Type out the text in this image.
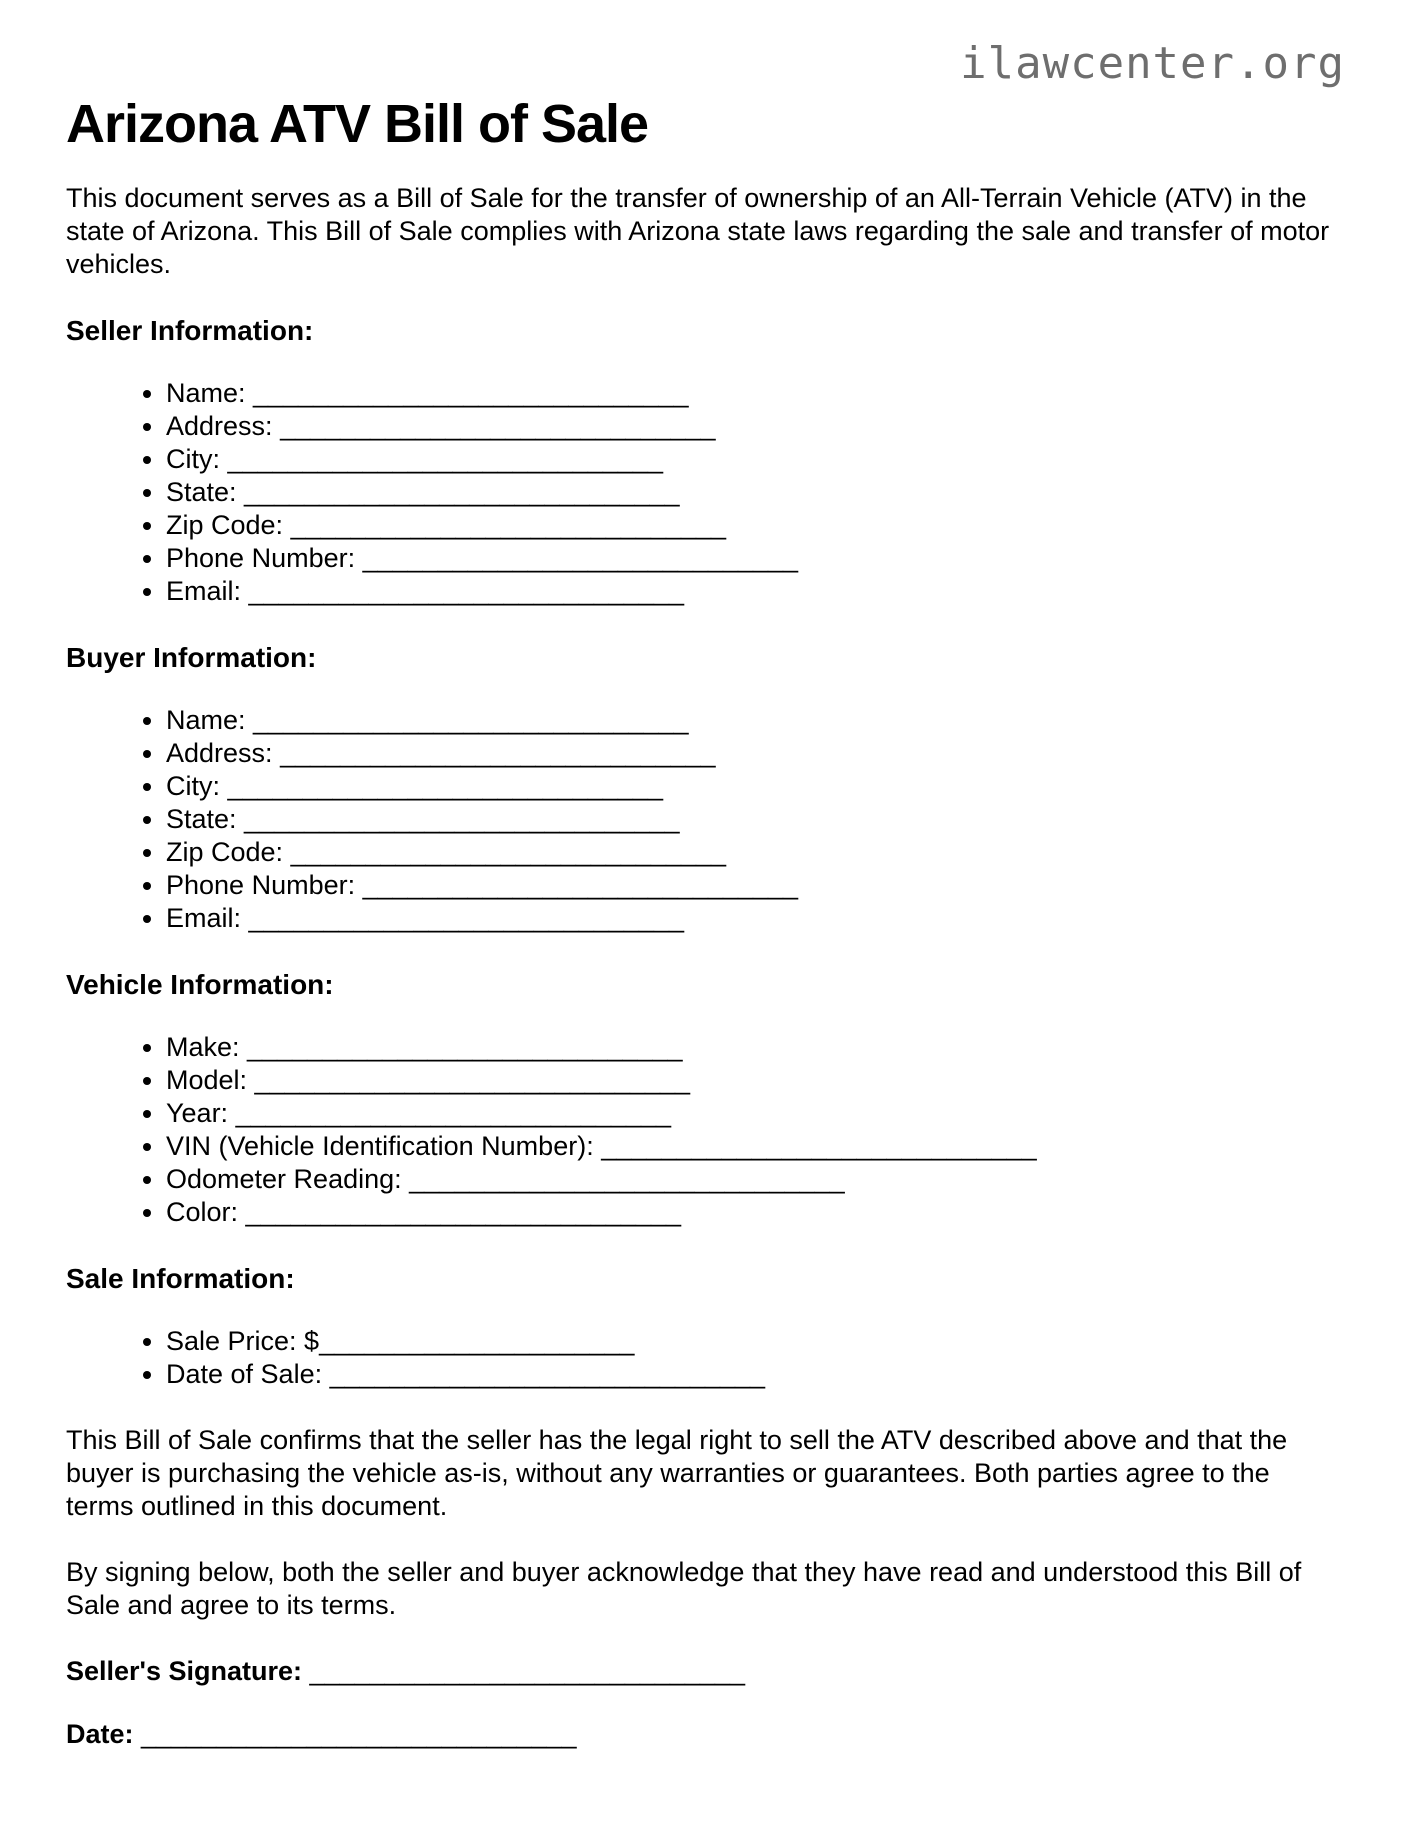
ilawcenter.org
Arizona ATV Bill of Sale

This document serves as a Bill of Sale for the transfer of ownership of an All-Terrain Vehicle (ATV) in the state of Arizona. This Bill of Sale complies with Arizona state laws regarding the sale and transfer of motor vehicles.

Seller Information:
• Name: _____________________________
• Address: _____________________________
• City: _____________________________
• State: _____________________________
• Zip Code: _____________________________
• Phone Number: _____________________________
• Email: _____________________________
Buyer Information:
• Name: _____________________________
• Address: _____________________________
• City: _____________________________
• State: _____________________________
• Zip Code: _____________________________
• Phone Number: _____________________________
• Email: _____________________________
Vehicle Information:
• Make: _____________________________
• Model: _____________________________
• Year: _____________________________
• VIN (Vehicle Identification Number): _____________________________
• Odometer Reading: _____________________________
• Color: _____________________________
Sale Information:
• Sale Price: $_____________________
• Date of Sale: _____________________________

This Bill of Sale confirms that the seller has the legal right to sell the ATV described above and that the buyer is purchasing the vehicle as-is, without any warranties or guarantees. Both parties agree to the terms outlined in this document.

By signing below, both the seller and buyer acknowledge that they have read and understood this Bill of Sale and agree to its terms.

Seller's Signature: _____________________________
Date: _____________________________
